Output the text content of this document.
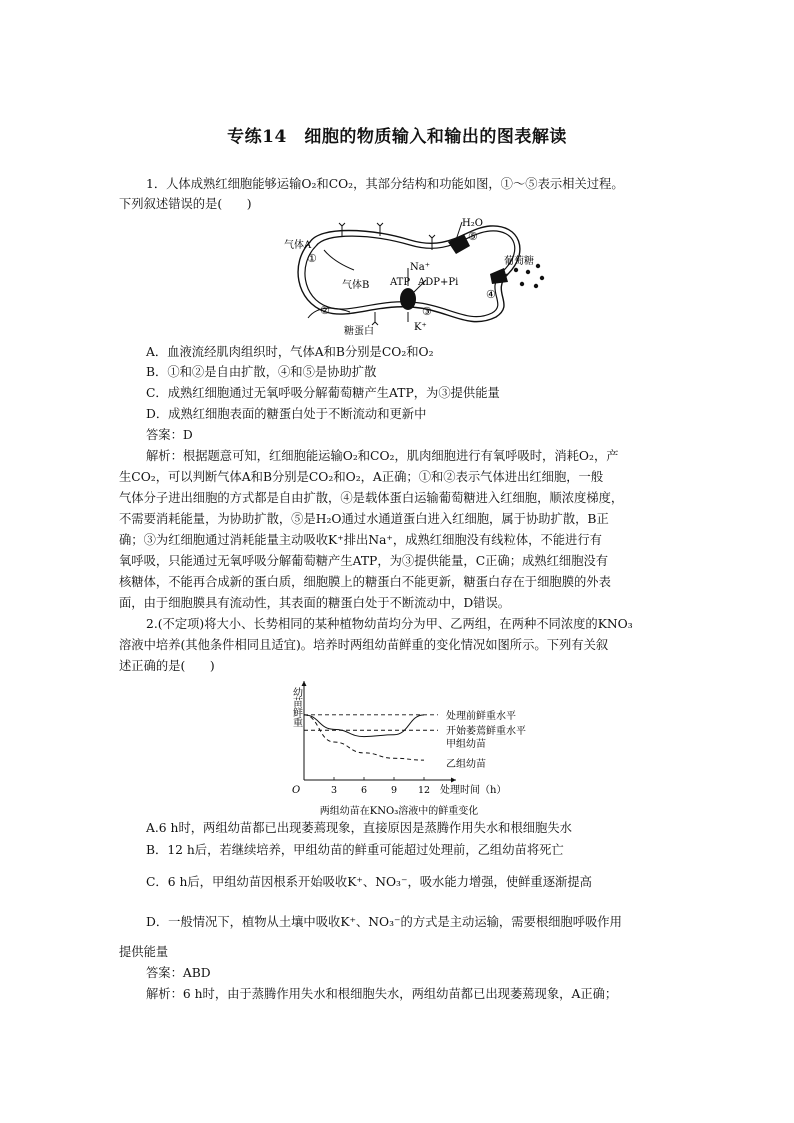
专练14　细胞的物质输入和输出的图表解读

1．人体成熟红细胞能够运输O₂和CO₂，其部分结构和功能如图，①～⑤表示相关过程。

下列叙述错误的是(　　)

气体A
①
气体B
②
糖蛋白
H₂O
⑤
葡萄糖
④
Na⁺
ATP ADP+Pi
③
K⁺

A．血液流经肌肉组织时，气体A和B分别是CO₂和O₂

B．①和②是自由扩散，④和⑤是协助扩散

C．成熟红细胞通过无氧呼吸分解葡萄糖产生ATP，为③提供能量

D．成熟红细胞表面的糖蛋白处于不断流动和更新中

答案：D

解析：根据题意可知，红细胞能运输O₂和CO₂，肌肉细胞进行有氧呼吸时，消耗O₂，产

生CO₂，可以判断气体A和B分别是CO₂和O₂，A正确；①和②表示气体进出红细胞，一般

气体分子进出细胞的方式都是自由扩散，④是载体蛋白运输葡萄糖进入红细胞，顺浓度梯度，

不需要消耗能量，为协助扩散，⑤是H₂O通过水通道蛋白进入红细胞，属于协助扩散，B正

确；③为红细胞通过消耗能量主动吸收K⁺排出Na⁺，成熟红细胞没有线粒体，不能进行有

氧呼吸，只能通过无氧呼吸分解葡萄糖产生ATP，为③提供能量，C正确；成熟红细胞没有

核糖体，不能再合成新的蛋白质，细胞膜上的糖蛋白不能更新，糖蛋白存在于细胞膜的外表

面，由于细胞膜具有流动性，其表面的糖蛋白处于不断流动中，D错误。

2.(不定项)将大小、长势相同的某种植物幼苗均分为甲、乙两组，在两种不同浓度的KNO₃

溶液中培养(其他条件相同且适宜)。培养时两组幼苗鲜重的变化情况如图所示。下列有关叙

述正确的是(　　)

O	3	6	9 12 处理时间（h）
幼苗鲜重	处理前鲜重水平
开始萎蔫鲜重水平
甲组幼苗
乙组幼苗
两组幼苗在KNO₃溶液中的鲜重变化

A.6 h时，两组幼苗都已出现萎蔫现象，直接原因是蒸腾作用失水和根细胞失水

B．12 h后，若继续培养，甲组幼苗的鲜重可能超过处理前，乙组幼苗将死亡

C．6 h后，甲组幼苗因根系开始吸收K⁺、NO₃⁻，吸水能力增强，使鲜重逐渐提高

D．一般情况下，植物从土壤中吸收K⁺、NO₃⁻的方式是主动运输，需要根细胞呼吸作用

提供能量

答案：ABD

解析：6 h时，由于蒸腾作用失水和根细胞失水，两组幼苗都已出现萎蔫现象，A正确；
